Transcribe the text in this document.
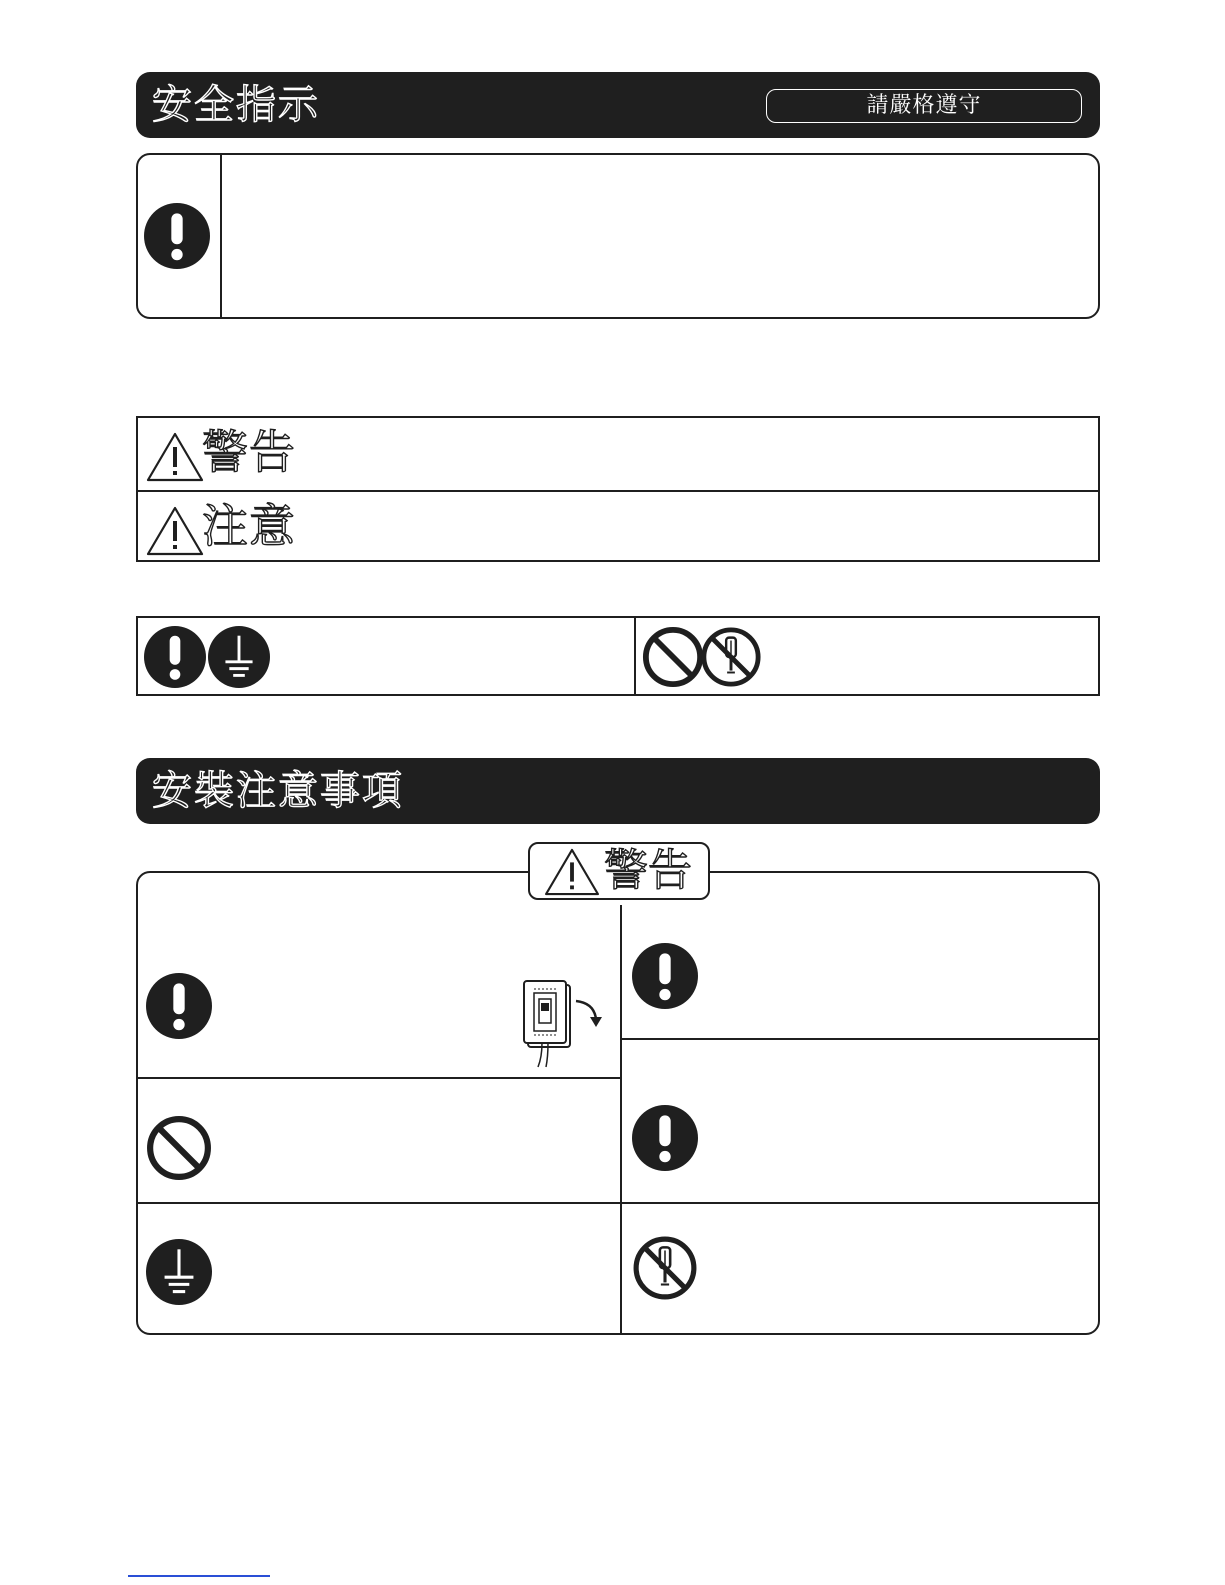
安全指示	請嚴格遵守
警告
注意
安裝注意事項
警告
